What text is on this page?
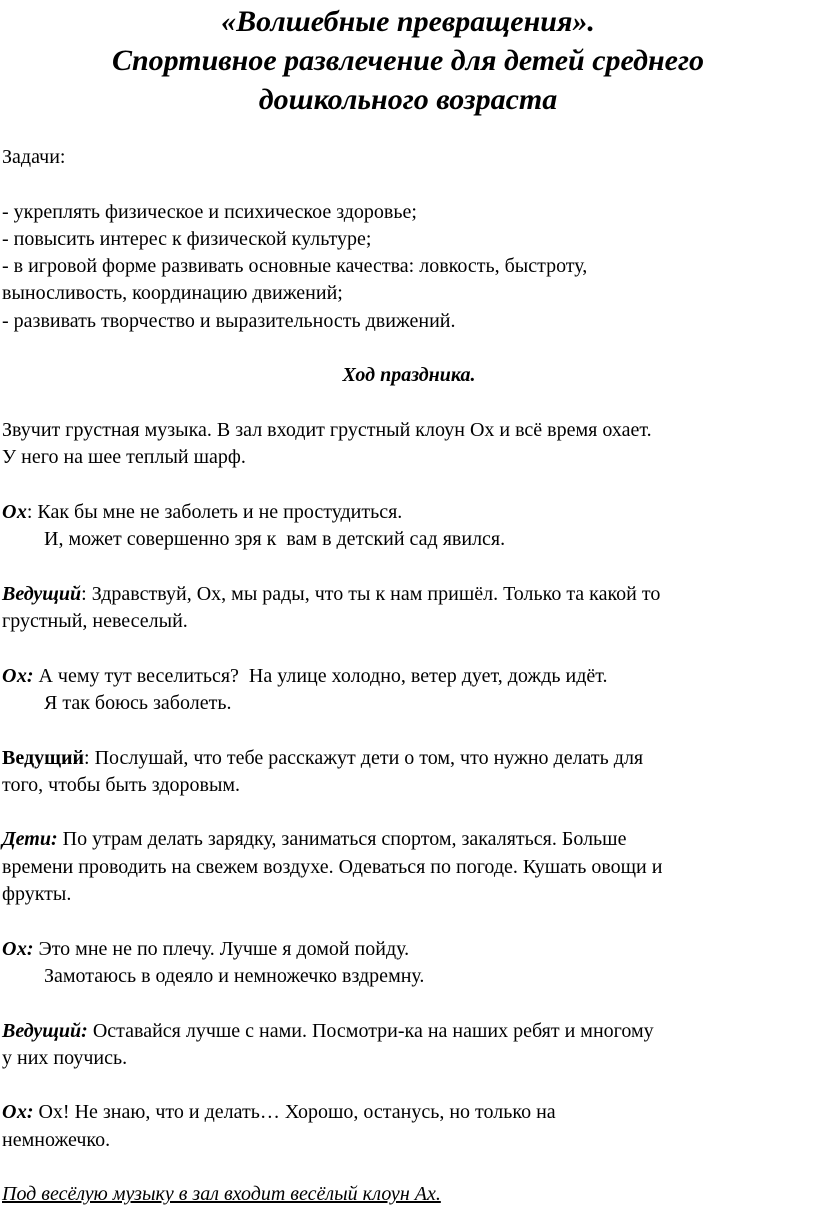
«Волшебные превращения».
Спортивное развлечение для детей среднего
дошкольного возраста
Задачи:
- укреплять физическое и психическое здоровье;
- повысить интерес к физической культуре;
- в игровой форме развивать основные качества: ловкость, быстроту,
выносливость, координацию движений;
- развивать творчество и выразительность движений.
Ход праздника.
Звучит грустная музыка. В зал входит грустный клоун Ох и всё время охает.
У него на шее теплый шарф.
Ох: Как бы мне не заболеть и не простудиться.
И, может совершенно зря к  вам в детский сад явился.
Ведущий: Здравствуй, Ох, мы рады, что ты к нам пришёл. Только та какой то
грустный, невеселый.
Ох: А чему тут веселиться?  На улице холодно, ветер дует, дождь идёт.
Я так боюсь заболеть.
Ведущий: Послушай, что тебе расскажут дети о том, что нужно делать для
того, чтобы быть здоровым.
Дети: По утрам делать зарядку, заниматься спортом, закаляться. Больше
времени проводить на свежем воздухе. Одеваться по погоде. Кушать овощи и
фрукты.
Ох: Это мне не по плечу. Лучше я домой пойду.
Замотаюсь в одеяло и немножечко вздремну.
Ведущий: Оставайся лучше с нами. Посмотри-ка на наших ребят и многому
у них поучись.
Ох: Ох! Не знаю, что и делать… Хорошо, останусь, но только на
немножечко.
Под весёлую музыку в зал входит весёлый клоун Ах.
